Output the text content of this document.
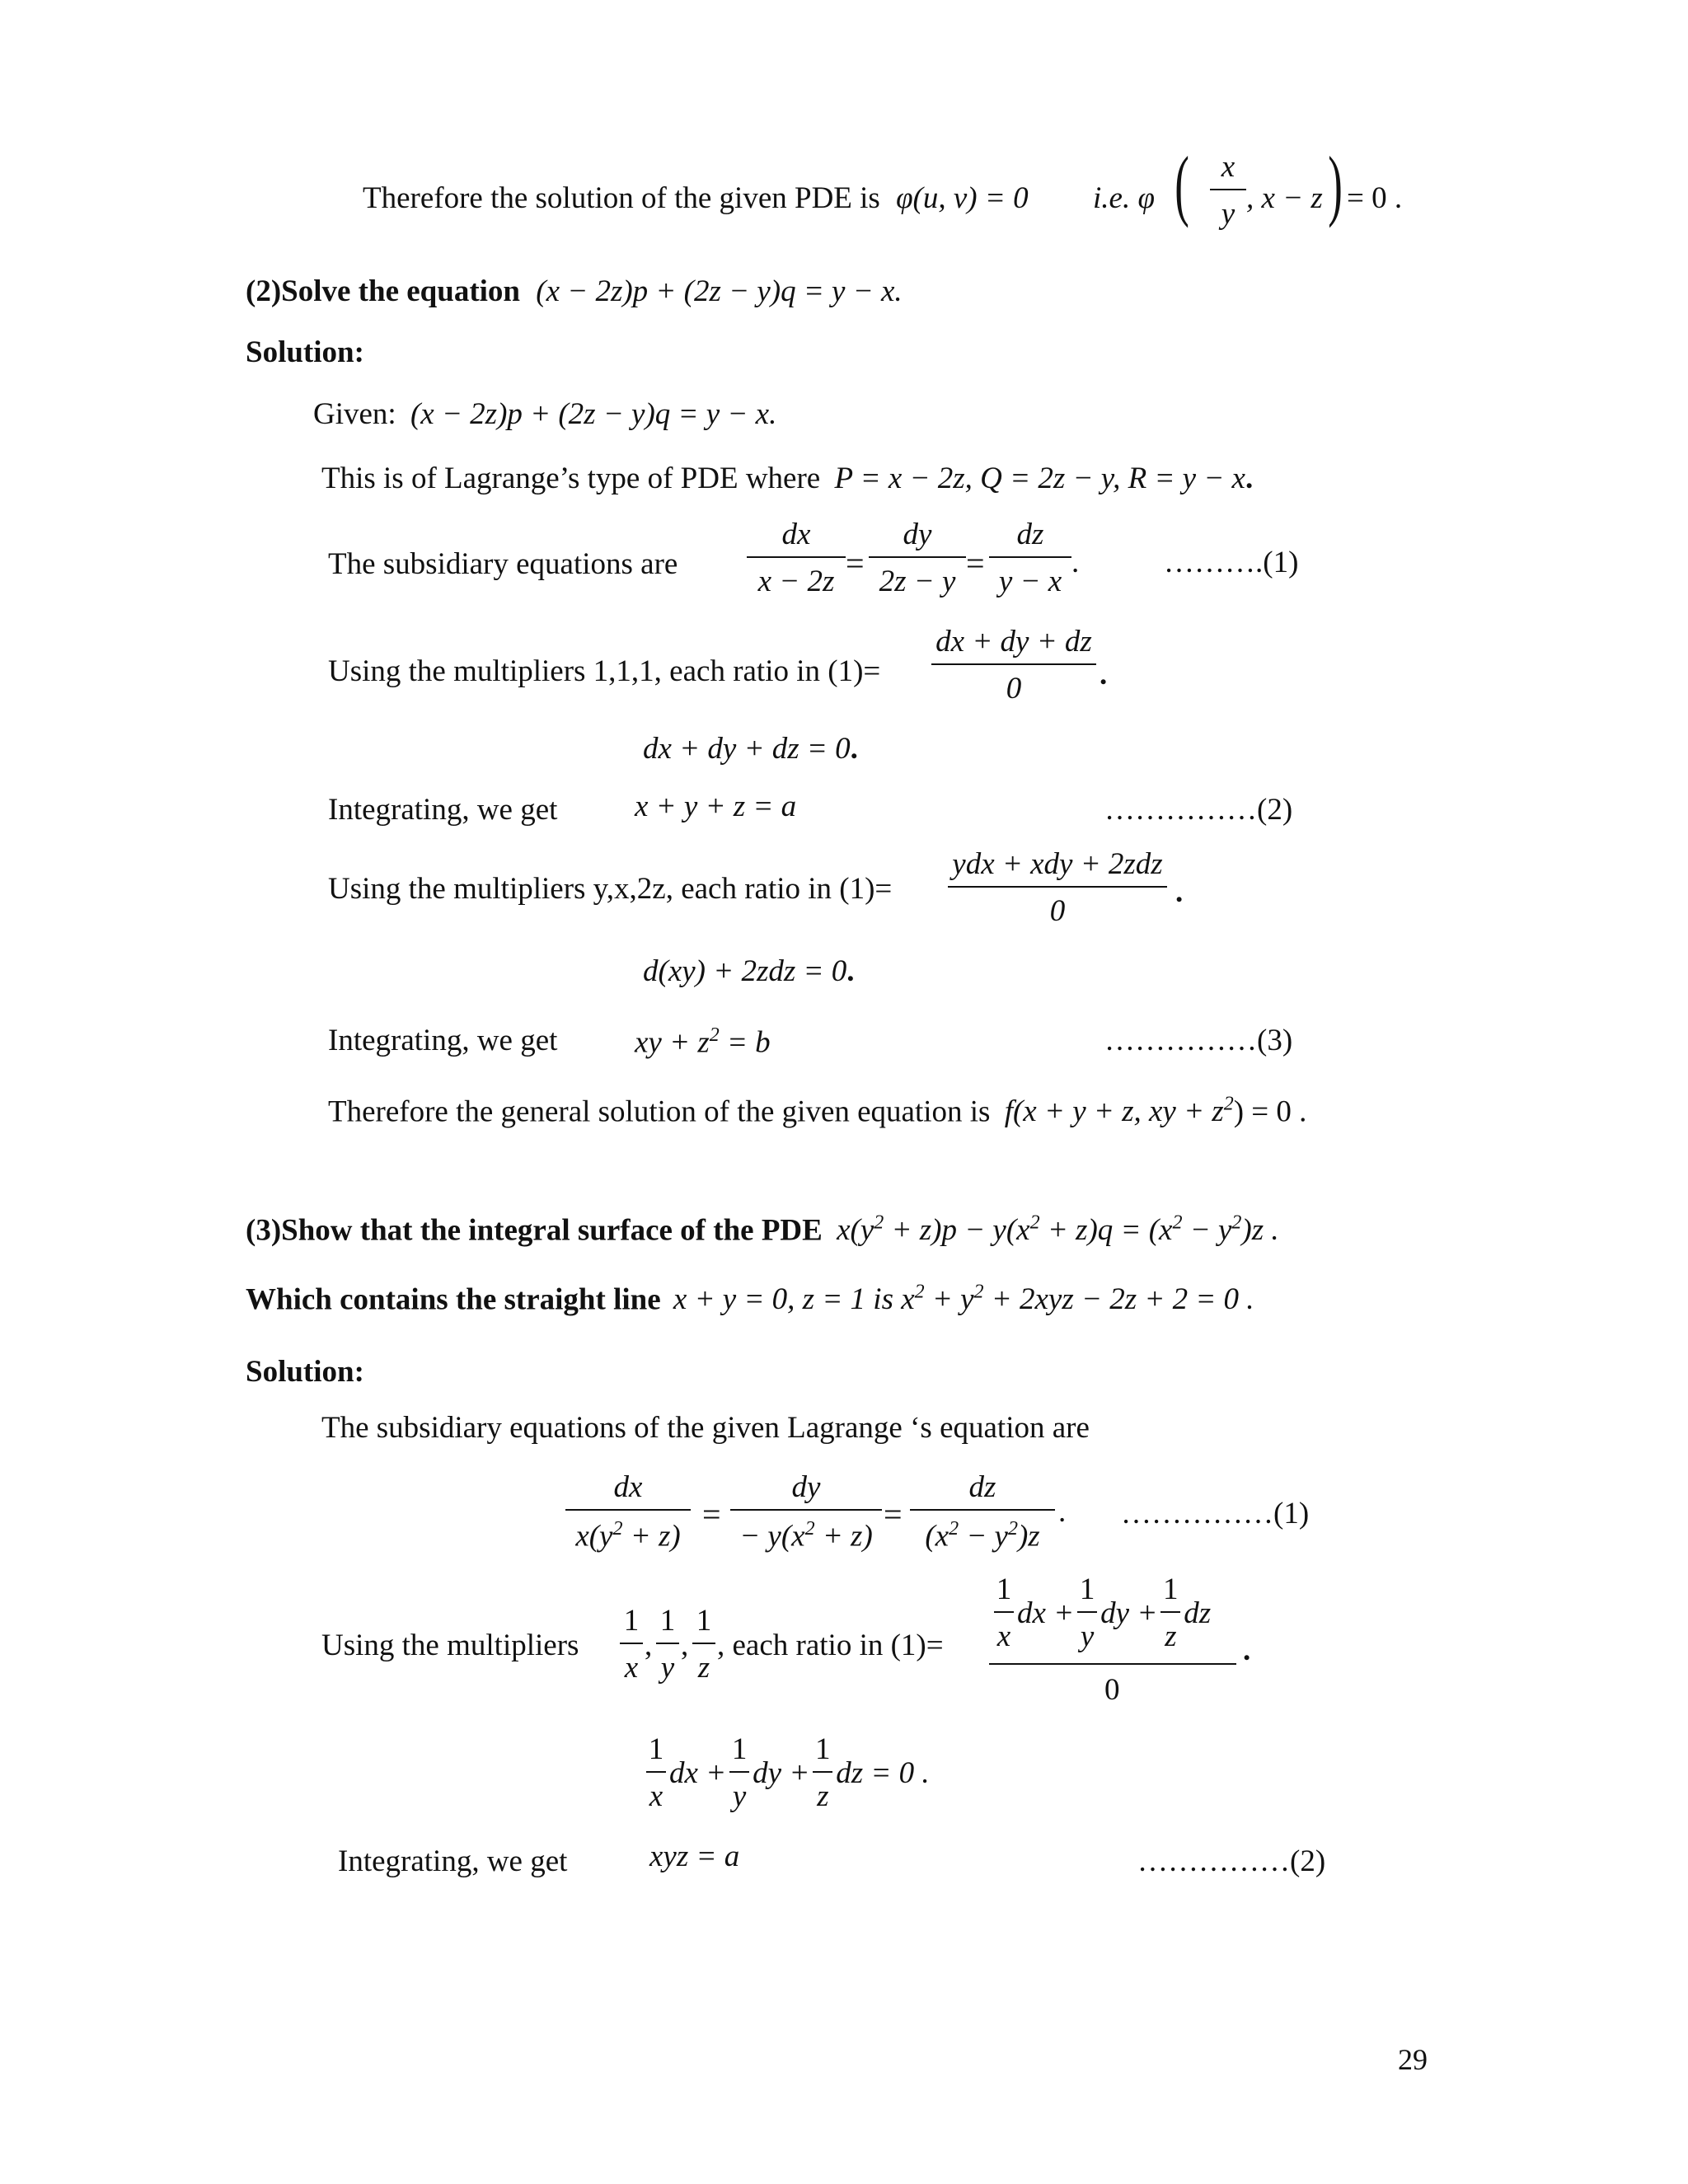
Therefore the solution of the given PDE is φ(u, v) = 0 i.e. φ (	x
y , x − z ) = 0 .
(2)Solve the equation (x − 2z)p + (2z − y)q = y − x.
Solution:
Given: (x − 2z)p + (2z − y)q = y − x.
This is of Lagrange’s type of PDE where P = x − 2z, Q = 2z − y, R = y − x.
The subsidiary equations are
dx
x − 2z =
dy
2z − y =
dz
y − x
.	……….(1)
Using the multipliers 1,1,1, each ratio in (1)=
dx + dy + dz
0	.
dx + dy + dz = 0.
Integrating, we get	x + y + z = a	……………(2)
Using the multipliers y,x,2z, each ratio in (1)=
ydx + xdy + 2zdz
0
.
d(xy) + 2zdz = 0.
Integrating, we get	xy + $z^2 = b$	……………(3)
Therefore the general solution of the given equation is f(x + y + z, xy + $z^2) = 0$ .
(3)Show that the integral surface of the PDE $x(y^2 + z)p - y(x^2 + z)q = (x^2 - y^2)z$ .
Which contains the straight line x + y = 0, z = 1 is $x^2 + y^2 + 2xyz - 2z + 2 = 0$ .
Solution:
The subsidiary equations of the given Lagrange ‘s equation are
dx
$x(y^2 + z)$
=
dy
− $y(x^2 + z)$
=
dz
$(x^2 - y^2)z$
. ……………(1)
Using the multipliers
1
x
,
1
y
,
1
z
, each ratio in $(1)= \frac{1}{x}$ dx + $\frac{1}{y}$ dy + $\frac{1}{z}$ dz
0
.
$\frac{1}{x}$ dx + $\frac{1}{y}$ dy + $\frac{1}{z}$ dz = 0 .
Integrating, we get	xyz = a	……………(2)
29
